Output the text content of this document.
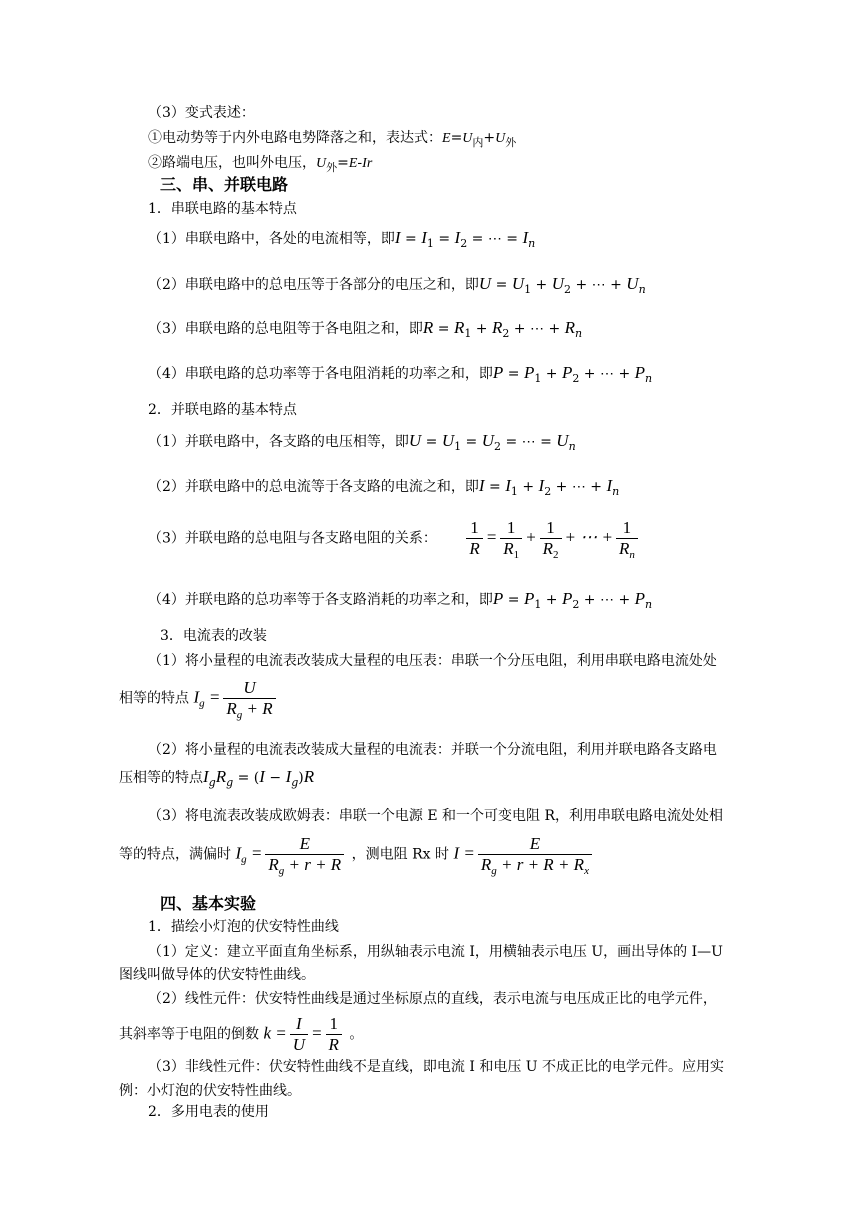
（3）变式表述：
①电动势等于内外电路电势降落之和，表达式：$E=U_内+U_外$
②路端电压，也叫外电压，$U_外=E-Ir$
三、串、并联电路
1．串联电路的基本特点
（1）串联电路中，各处的电流相等，即$I = I_1 = I_2$ = ⋯ = $I_n$
（2）串联电路中的总电压等于各部分的电压之和，即$U = U_1 + U_2$ + ⋯ + $U_n$
（3）串联电路的总电阻等于各电阻之和，即$R = R_1 + R_2$ + ⋯ + $R_n$
（4）串联电路的总功率等于各电阻消耗的功率之和，即$P = P_1 + P_2$ + ⋯ + $P_n$
2．并联电路的基本特点
（1）并联电路中，各支路的电压相等，即$U = U_1 = U_2$ = ⋯ = $U_n$
（2）并联电路中的总电流等于各支路的电流之和，即$I = I_1 + I_2$ + ⋯ + $I_n$
（3）并联电路的总电阻与各支路电阻的关系： $\frac{1}{R} = \frac{1}{R_1} + \frac{1}{R_2}$ + ⋯ + $\frac{1}{R_n}$
（4）并联电路的总功率等于各支路消耗的功率之和，即$P = P_1 + P_2$ + ⋯ + $P_n$
3．电流表的改装
（1）将小量程的电流表改装成大量程的电压表：串联一个分压电阻，利用串联电路电流处处
相等的特点 $I_g = \frac{U}{R_g + R}$
（2）将小量程的电流表改装成大量程的电流表：并联一个分流电阻，利用并联电路各支路电
压相等的特点$I_gR_g = (I - I_g)R$
（3）将电流表改装成欧姆表：串联一个电源 E 和一个可变电阻 R，利用串联电路电流处处相
等的特点，满偏时 $I_g = \frac{E}{R_g + r + R}$ ，测电阻 Rx 时 $I = \frac{E}{R_g + r + R + R_x}$
四、基本实验
1．描绘小灯泡的伏安特性曲线
（1）定义：建立平面直角坐标系，用纵轴表示电流 I，用横轴表示电压 U，画出导体的 I—U
图线叫做导体的伏安特性曲线。
（2）线性元件：伏安特性曲线是通过坐标原点的直线，表示电流与电压成正比的电学元件，
其斜率等于电阻的倒数 $k = \frac{I}{U} = \frac{1}{R}$ 。
（3）非线性元件：伏安特性曲线不是直线，即电流 I 和电压 U 不成正比的电学元件。应用实
例：小灯泡的伏安特性曲线。
2．多用电表的使用
